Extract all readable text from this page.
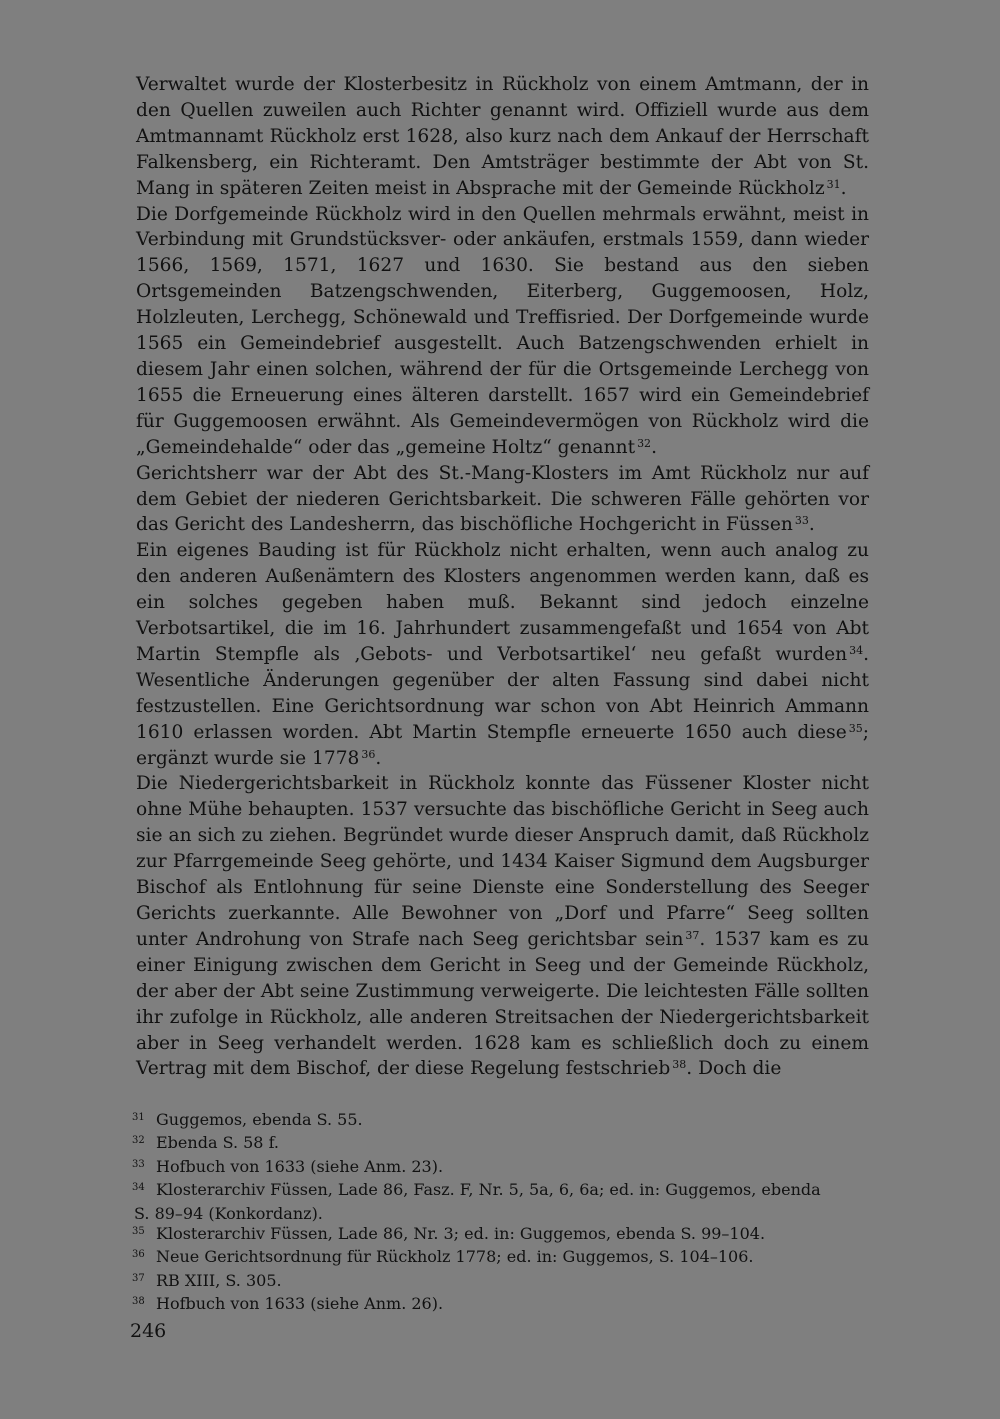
Verwaltet wurde der Klosterbesitz in Rückholz von einem Amtmann, der in den Quellen zuweilen auch Richter genannt wird. Offiziell wurde aus dem Amtmannamt Rückholz erst 1628, also kurz nach dem Ankauf der Herrschaft Falkensberg, ein Richteramt. Den Amtsträger bestimmte der Abt von St. Mang in späteren Zeiten meist in Absprache mit der Gemeinde Rückholz $^{31}$.

Die Dorfgemeinde Rückholz wird in den Quellen mehrmals erwähnt, meist in Verbindung mit Grundstücksver- oder ankäufen, erstmals 1559, dann wieder 1566, 1569, 1571, 1627 und 1630. Sie bestand aus den sieben Ortsgemeinden Batzengschwenden, Eiterberg, Guggemoosen, Holz, Holzleuten, Lerchegg, Schönewald und Treffisried. Der Dorfgemeinde wurde 1565 ein Gemeindebrief ausgestellt. Auch Batzengschwenden erhielt in diesem Jahr einen solchen, während der für die Ortsgemeinde Lerchegg von 1655 die Erneuerung eines älteren darstellt. 1657 wird ein Gemeindebrief für Guggemoosen erwähnt. Als Gemeindevermögen von Rückholz wird die „Gemeindehalde“ oder das „gemeine Holtz“ genannt $^{32}$.

Gerichtsherr war der Abt des St.-Mang-Klosters im Amt Rückholz nur auf dem Gebiet der niederen Gerichtsbarkeit. Die schweren Fälle gehörten vor das Gericht des Landesherrn, das bischöfliche Hochgericht in Füssen $^{33}$.

Ein eigenes Bauding ist für Rückholz nicht erhalten, wenn auch analog zu den anderen Außenämtern des Klosters angenommen werden kann, daß es ein solches gegeben haben muß. Bekannt sind jedoch einzelne Verbotsartikel, die im 16. Jahrhundert zusammengefaßt und 1654 von Abt Martin Stempfle als ‚Gebots- und Verbotsartikel‘ neu gefaßt wurden $^{34}$. Wesentliche Änderungen gegenüber der alten Fassung sind dabei nicht festzustellen. Eine Gerichtsordnung war schon von Abt Heinrich Ammann 1610 erlassen worden. Abt Martin Stempfle erneuerte 1650 auch diese $^{35}$; ergänzt wurde sie 1778 $^{36}$.

Die Niedergerichtsbarkeit in Rückholz konnte das Füssener Kloster nicht ohne Mühe behaupten. 1537 versuchte das bischöfliche Gericht in Seeg auch sie an sich zu ziehen. Begründet wurde dieser Anspruch damit, daß Rückholz zur Pfarrgemeinde Seeg gehörte, und 1434 Kaiser Sigmund dem Augsburger Bischof als Entlohnung für seine Dienste eine Sonderstellung des Seeger Gerichts zuerkannte. Alle Bewohner von „Dorf und Pfarre“ Seeg sollten unter Androhung von Strafe nach Seeg gerichtsbar sein $^{37}$. 1537 kam es zu einer Einigung zwischen dem Gericht in Seeg und der Gemeinde Rückholz, der aber der Abt seine Zustimmung verweigerte. Die leichtesten Fälle sollten ihr zufolge in Rückholz, alle anderen Streitsachen der Niedergerichtsbarkeit aber in Seeg verhandelt werden. 1628 kam es schließlich doch zu einem Vertrag mit dem Bischof, der diese Regelung festschrieb $^{38}$. Doch die

31 Guggemos, ebenda S. 55.
32 Ebenda S. 58 f.
33 Hofbuch von 1633 (siehe Anm. 23).
34 Klosterarchiv Füssen, Lade 86, Fasz. F, Nr. 5, 5a, 6, 6a; ed. in: Guggemos, ebenda
S. 89–94 (Konkordanz).
35 Klosterarchiv Füssen, Lade 86, Nr. 3; ed. in: Guggemos, ebenda S. 99–104.
36 Neue Gerichtsordnung für Rückholz 1778; ed. in: Guggemos, S. 104–106.
37 RB XIII, S. 305.
38 Hofbuch von 1633 (siehe Anm. 26).
246
